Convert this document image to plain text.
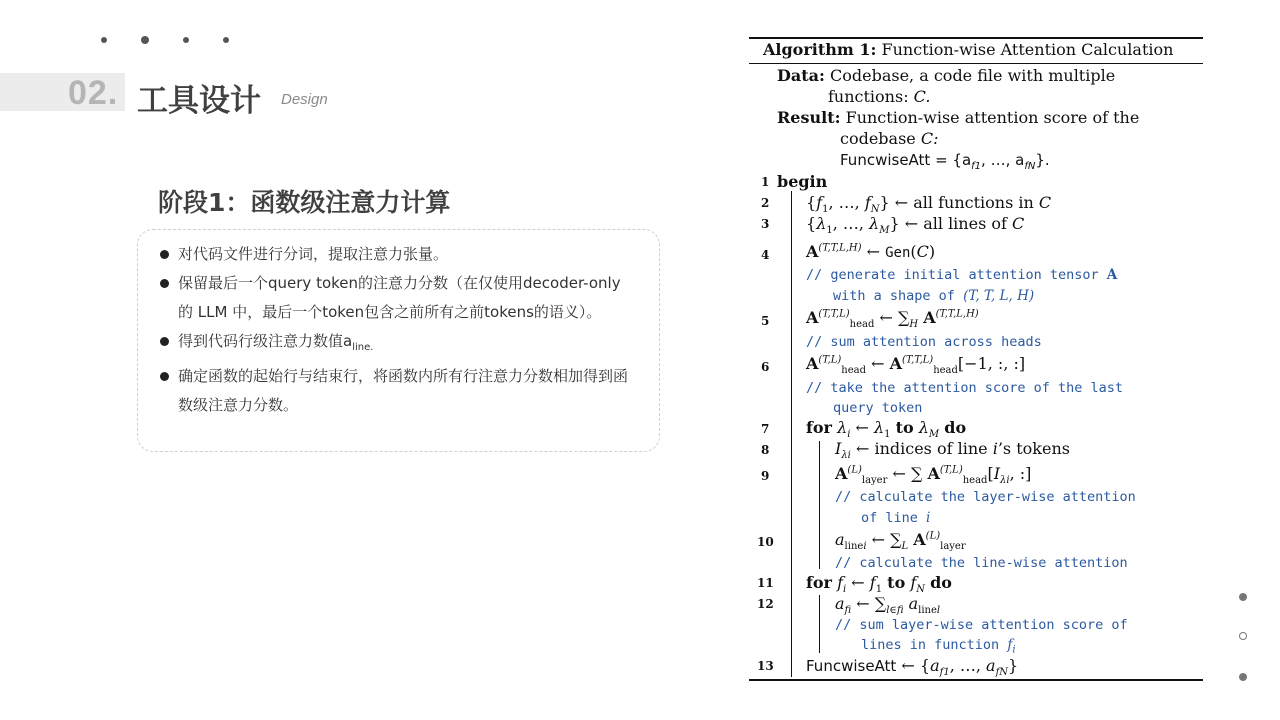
02. 工具设计 Design
阶段1：函数级注意力计算
对代码文件进行分词，提取注意力张量。
保留最后一个query token的注意力分数（在仅使用decoder-only的 LLM 中，最后一个token包含之前所有之前tokens的语义）。
得到代码行级注意力数值$a_{line.}$
确定函数的起始行与结束行，将函数内所有行注意力分数相加得到函数级注意力分数。
Algorithm 1: Function-wise Attention Calculation
Data: Codebase, a code file with multiple
functions: C.
Result: Function-wise attention score of the
codebase C:
FuncwiseAtt = {$a_{f1}$, …, $a_{fN}$}.
1
2
3
4
5
6
7
8
9
10
11
12
13
begin
{$f_1$, …, $f_N$} ← all functions in C
{$\lambda_1$, …, $\lambda_M$} ← all lines of C
$A^{(T,T,L,H)}$ ← Gen(C)
// generate initial attention tensor A
with a shape of (T, T, L, H)
$A^{(T,T,L)}_{head}$ ← $\sum_H$ $A^{(T,T,L,H)}$
// sum attention across heads
$A^{(T,L)}_{head}$ ← $A^{(T,T,L)}_{head}[-1$, :, :]
// take the attention score of the last
query token
for $\lambda_i$ ← $\lambda_1$ to $\lambda_M$ do
$I_{\lambda i}$ ← indices of line i’s tokens
$A^{(L)}_{layer}$ ← ∑ $A^{(T,L)}_{head}[I_{\lambda i}$, :]
// calculate the layer-wise attention
of line i
$a_{linei}$ ← $\sum_L$ $A^{(L)}_{layer}$
// calculate the line-wise attention
for $f_i$ ← $f_1$ to $f_N$ do
$a_{fi}$ ← $\sum_{l\in fi}$ $a_{linel}$
// sum layer-wise attention score of
lines in function $f_i$
FuncwiseAtt ← {$a_{f1}$, …, $a_{fN}$}
